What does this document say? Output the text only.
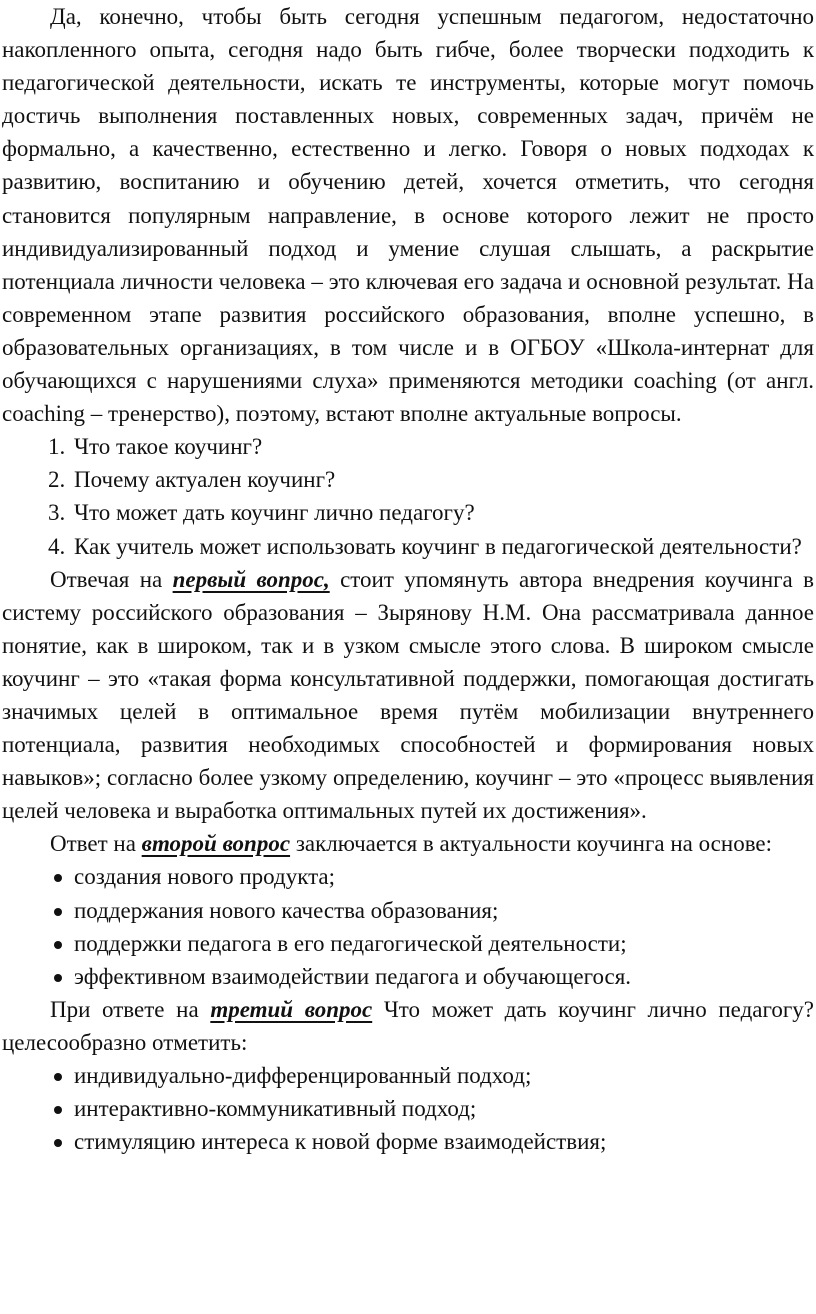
Да, конечно, чтобы быть сегодня успешным педагогом, недостаточно накопленного опыта, сегодня надо быть гибче, более творчески подходить к педагогической деятельности, искать те инструменты, которые могут помочь достичь выполнения поставленных новых, современных задач, причём не формально, а качественно, естественно и легко. Говоря о новых подходах к развитию, воспитанию и обучению детей, хочется отметить, что сегодня становится популярным направление, в основе которого лежит не просто индивидуализированный подход и умение слушая слышать, а раскрытие потенциала личности человека – это ключевая его задача и основной результат. На современном этапе развития российского образования, вполне успешно, в образовательных организациях, в том числе и в ОГБОУ «Школа-интернат для обучающихся с нарушениями слуха» применяются методики coaching (от англ. coaching – тренерство), поэтому, встают вполне актуальные вопросы.

1. Что такое коучинг?
2. Почему актуален коучинг?
3. Что может дать коучинг лично педагогу?
4. Как учитель может использовать коучинг в педагогической деятельности?

Отвечая на первый вопрос, стоит упомянуть автора внедрения коучинга в систему российского образования – Зырянову Н.М. Она рассматривала данное понятие, как в широком, так и в узком смысле этого слова. В широком смысле коучинг – это «такая форма консультативной поддержки, помогающая достигать значимых целей в оптимальное время путём мобилизации внутреннего потенциала, развития необходимых способностей и формирования новых навыков»; согласно более узкому определению, коучинг – это «процесс выявления целей человека и выработка оптимальных путей их достижения».

Ответ на второй вопрос заключается в актуальности коучинга на основе:

создания нового продукта;
поддержания нового качества образования;
поддержки педагога в его педагогической деятельности;
эффективном взаимодействии педагога и обучающегося.

При ответе на третий вопрос Что может дать коучинг лично педагогу? целесообразно отметить:

индивидуально-дифференцированный подход;
интерактивно-коммуникативный подход;
стимуляцию интереса к новой форме взаимодействия;
